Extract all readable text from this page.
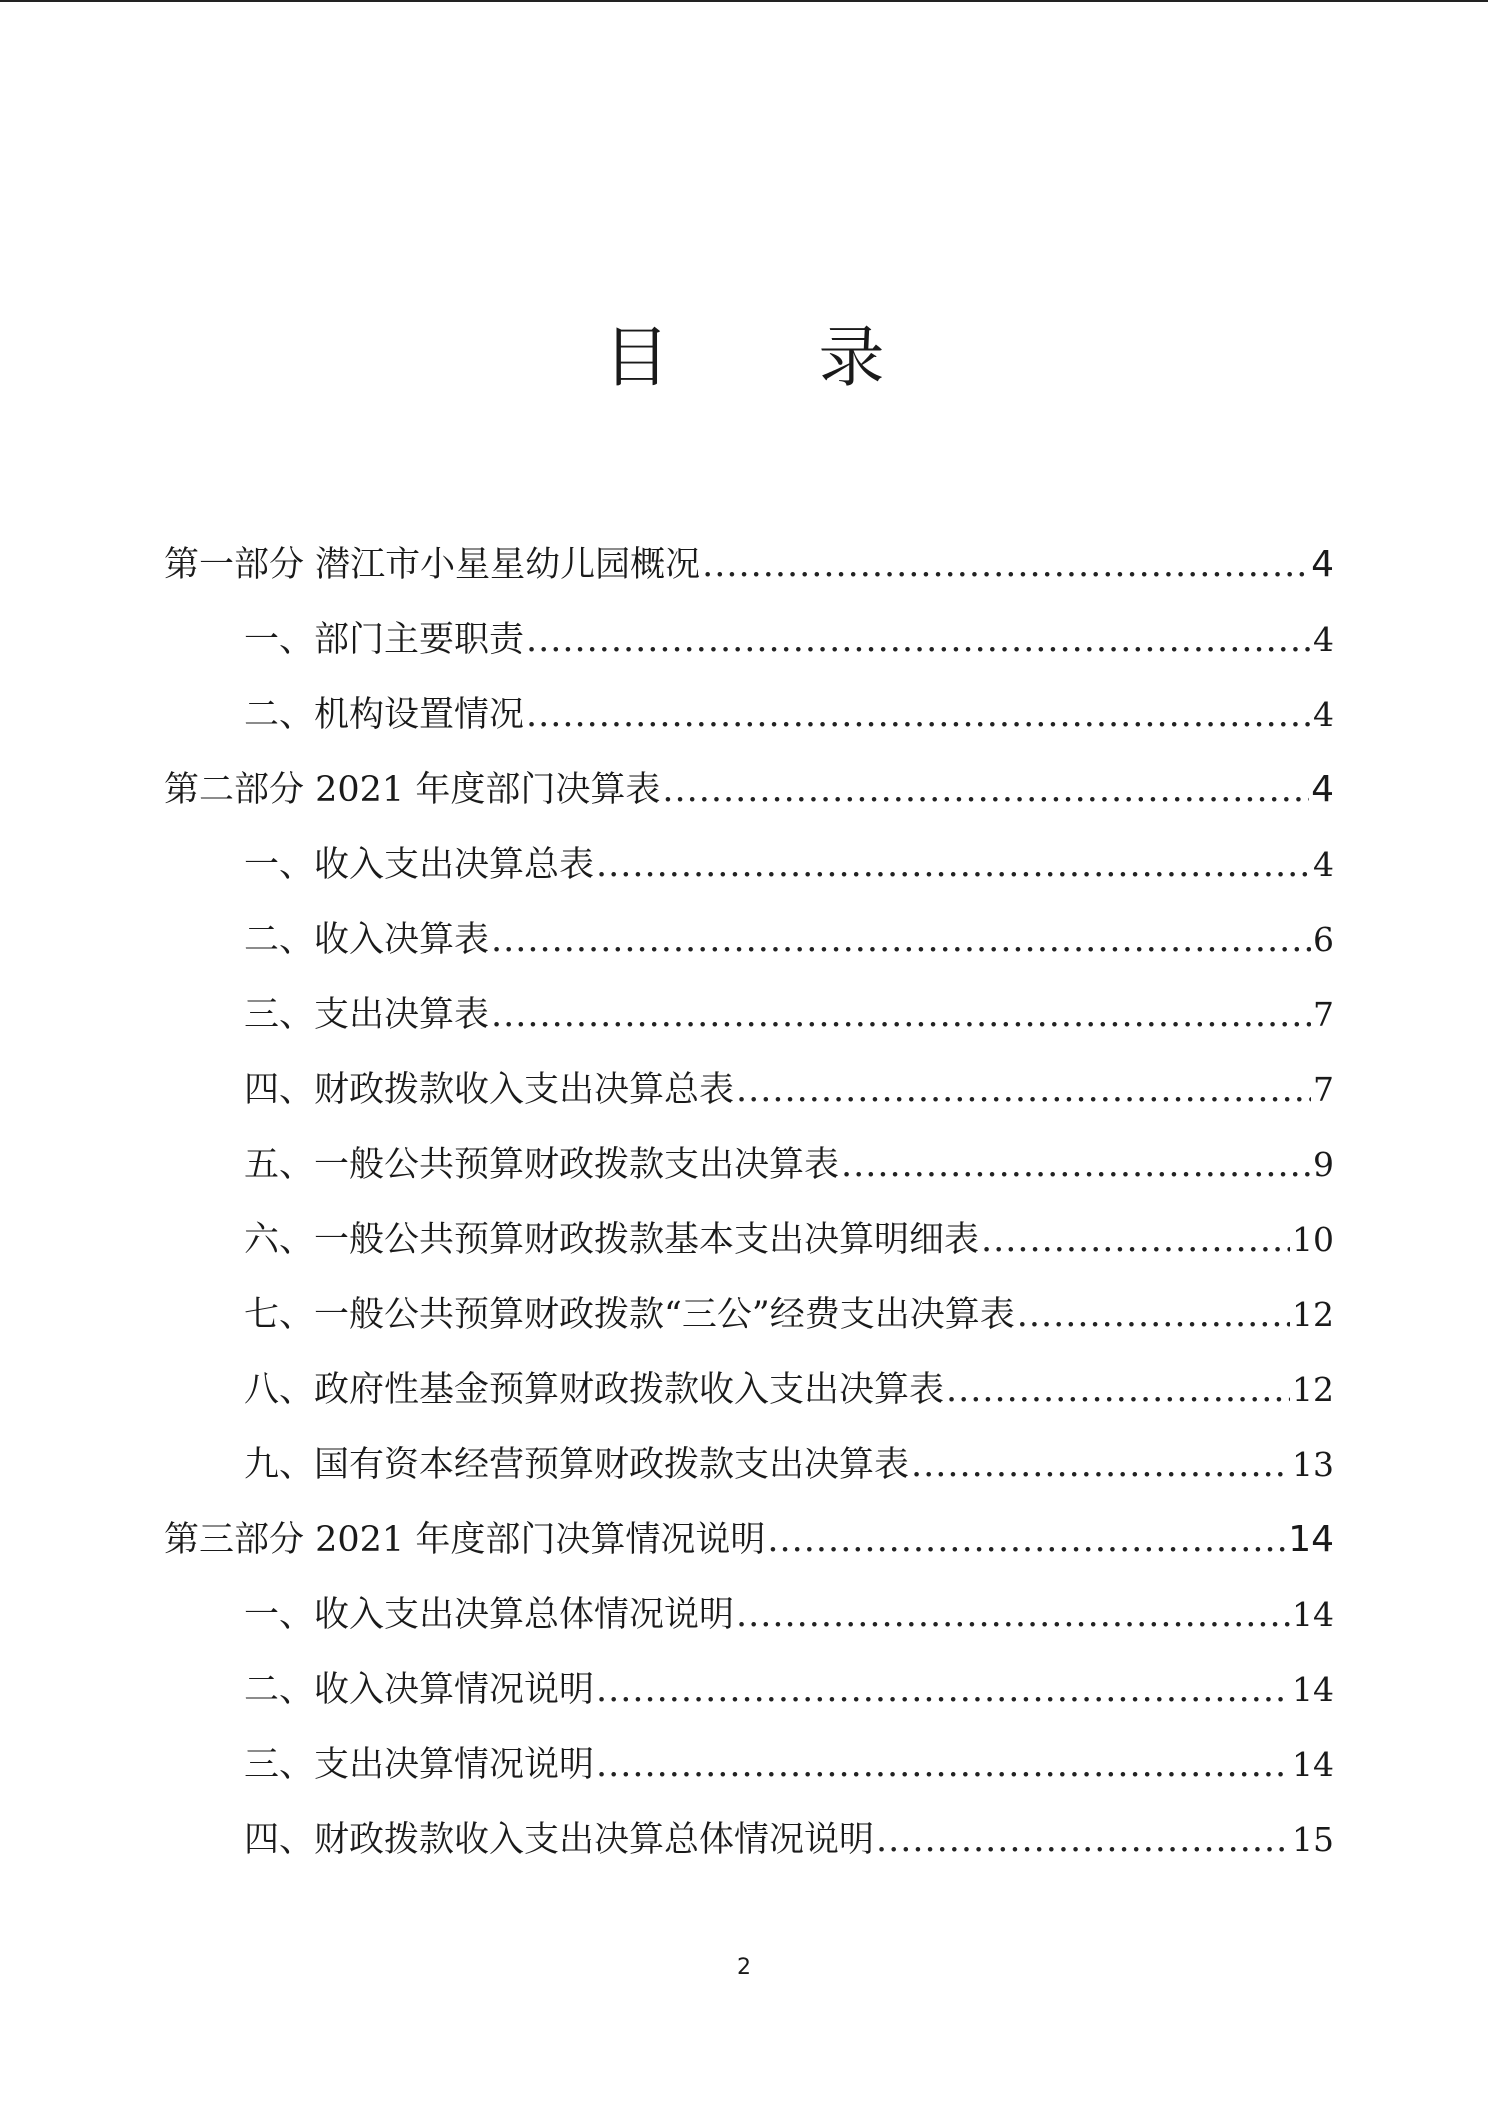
目 录
第一部分 潜江市小星星幼儿园概况 .....	4
一、部门主要职责 .....	4
二、机构设置情况 .....	4
第二部分 2021 年度部门决算表 .....	4
一、收入支出决算总表 .....	4
二、收入决算表 .....	6
三、支出决算表 .....	7
四、财政拨款收入支出决算总表 .....	7
五、一般公共预算财政拨款支出决算表 .....	9
六、一般公共预算财政拨款基本支出决算明细表 .....	10
七、一般公共预算财政拨款“三公”经费支出决算表 .....	12
八、政府性基金预算财政拨款收入支出决算表 .....	12
九、国有资本经营预算财政拨款支出决算表 .....	13
第三部分 2021 年度部门决算情况说明 .....	14
一、收入支出决算总体情况说明 .....	14
二、收入决算情况说明 .....	14
三、支出决算情况说明 .....	14
四、财政拨款收入支出决算总体情况说明 .....	15
2
